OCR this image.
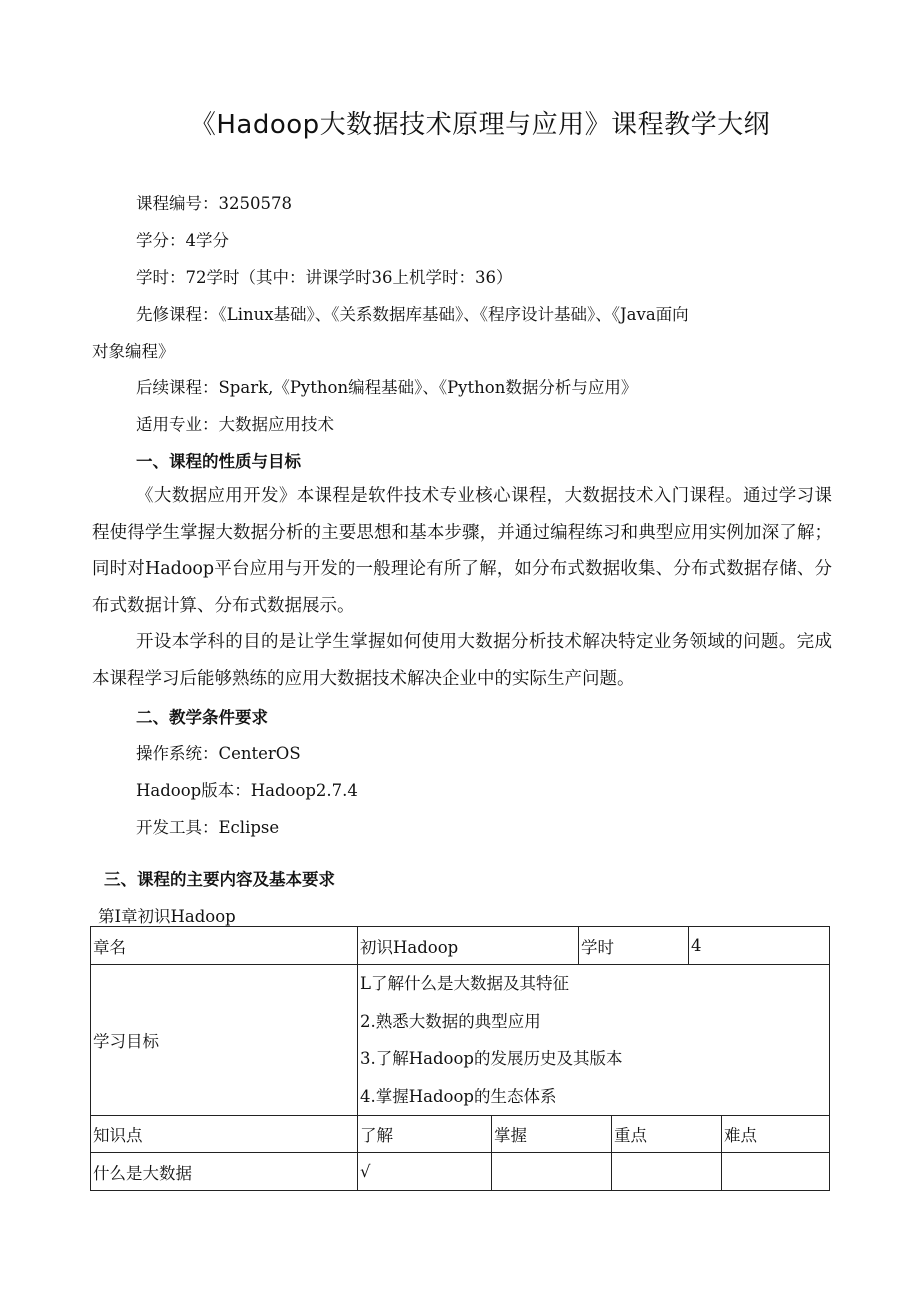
《Hadoop大数据技术原理与应用》课程教学大纲
课程编号：3250578
学分：4学分
学时：72学时（其中：讲课学时36上机学时：36）
先修课程：《Linux基础》、《关系数据库基础》、《程序设计基础》、《Java面向
对象编程》
后续课程：Spark,《Python编程基础》、《Python数据分析与应用》
适用专业：大数据应用技术
一、课程的性质与目标
《大数据应用开发》本课程是软件技术专业核心课程，大数据技术入门课程。通过学习课程使得学生掌握大数据分析的主要思想和基本步骤，并通过编程练习和典型应用实例加深了解；同时对Hadoop平台应用与开发的一般理论有所了解，如分布式数据收集、分布式数据存储、分布式数据计算、分布式数据展示。
开设本学科的目的是让学生掌握如何使用大数据分析技术解决特定业务领域的问题。完成本课程学习后能够熟练的应用大数据技术解决企业中的实际生产问题。
二、教学条件要求
操作系统：CenterOS
Hadoop版本：Hadoop2.7.4
开发工具：Eclipse
三、课程的主要内容及基本要求
第I章初识Hadoop
章名	初识Hadoop		学时		4	
学习目标	L了解什么是大数据及其特征
2.熟悉大数据的典型应用
3.了解Hadoop的发展历史及其版本
4.掌握Hadoop的生态体系					

知识点	了解	掌握		重点		难点
什么是大数据	√					
